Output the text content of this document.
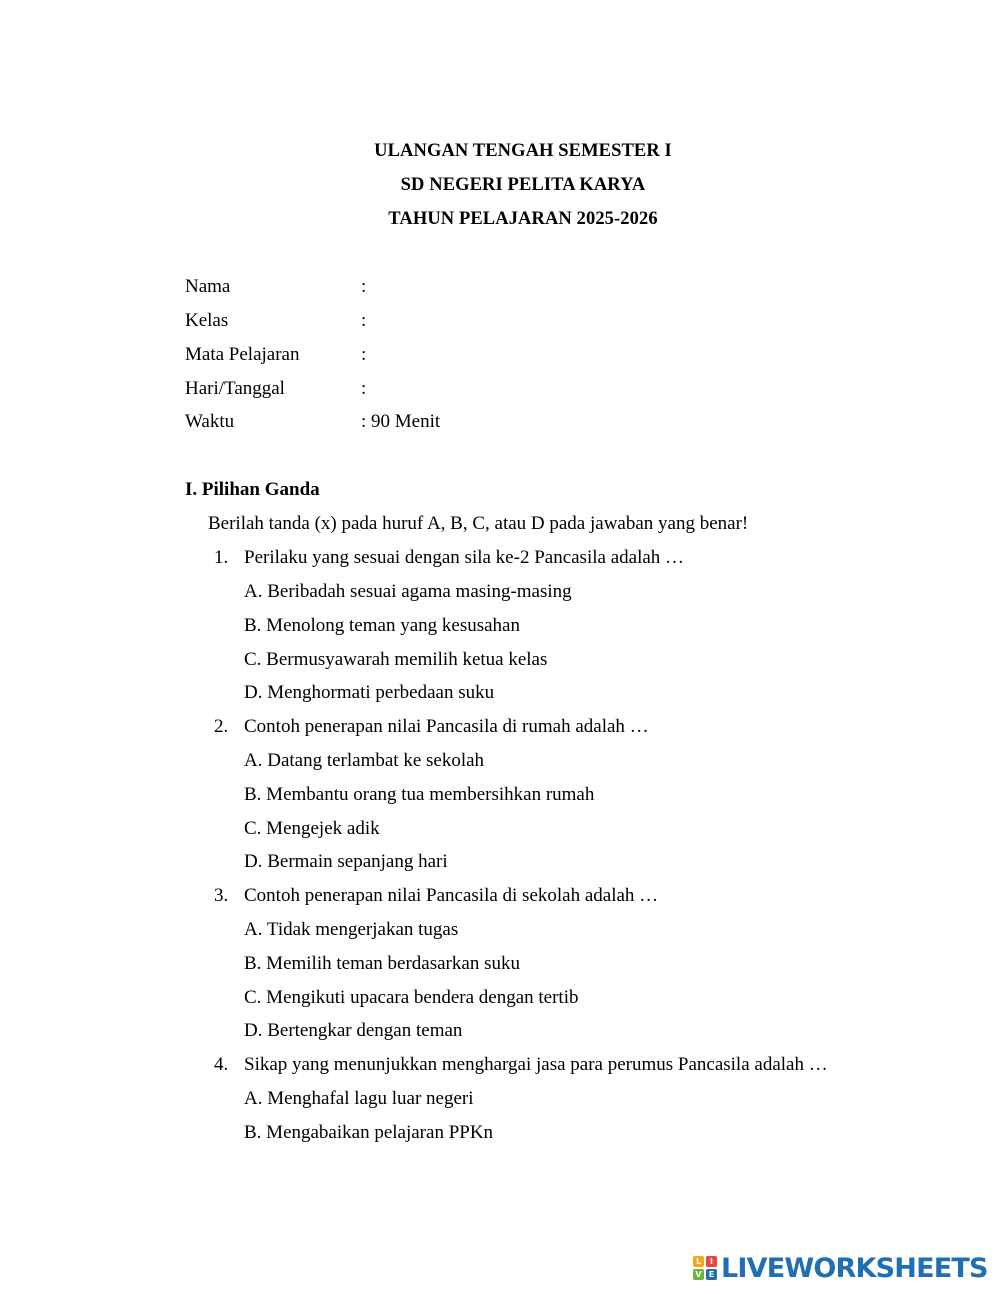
ULANGAN TENGAH SEMESTER I
SD NEGERI PELITA KARYA
TAHUN PELAJARAN 2025-2026
Nama	:
Kelas	:
Mata Pelajaran	:
Hari/Tanggal	:
Waktu	: 90 Menit
I. Pilihan Ganda
Berilah tanda (x) pada huruf A, B, C, atau D pada jawaban yang benar!
1. Perilaku yang sesuai dengan sila ke-2 Pancasila adalah …
A. Beribadah sesuai agama masing-masing
B. Menolong teman yang kesusahan
C. Bermusyawarah memilih ketua kelas
D. Menghormati perbedaan suku
2. Contoh penerapan nilai Pancasila di rumah adalah …
A. Datang terlambat ke sekolah
B. Membantu orang tua membersihkan rumah
C. Mengejek adik
D. Bermain sepanjang hari
3. Contoh penerapan nilai Pancasila di sekolah adalah …
A. Tidak mengerjakan tugas
B. Memilih teman berdasarkan suku
C. Mengikuti upacara bendera dengan tertib
D. Bertengkar dengan teman
4. Sikap yang menunjukkan menghargai jasa para perumus Pancasila adalah …
A. Menghafal lagu luar negeri
B. Mengabaikan pelajaran PPKn
L	I
V E LIVEWORKSHEETS
